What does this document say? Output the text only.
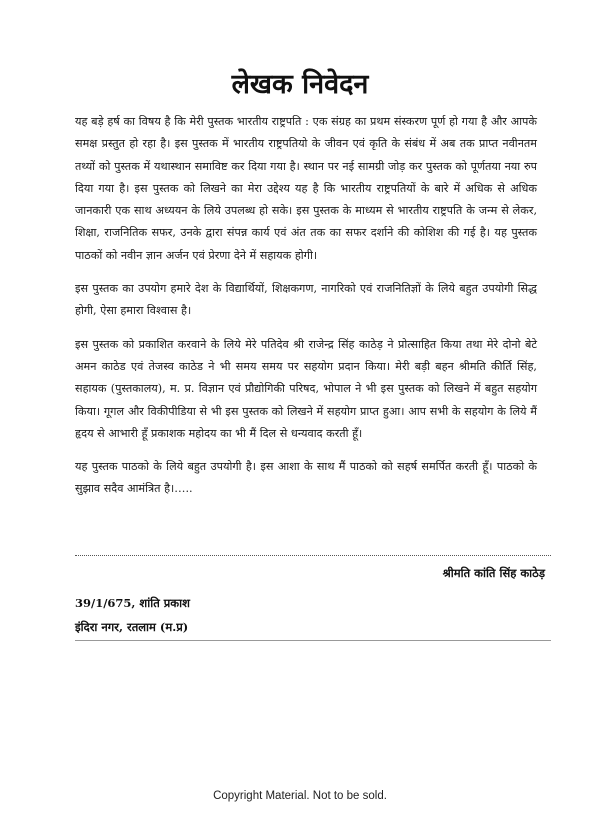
लेखक निवेदन

यह बड़े हर्ष का विषय है कि मेरी पुस्तक भारतीय राष्ट्रपति : एक संग्रह का प्रथम संस्करण पूर्ण हो गया है और आपके समक्ष प्रस्तुत हो रहा है। इस पुस्तक में भारतीय राष्ट्रपतियो के जीवन एवं कृति के संबंध में अब तक प्राप्त नवीनतम तथ्यों को पुस्तक में यथास्थान समाविष्ट कर दिया गया है। स्थान पर नई सामग्री जोड़ कर पुस्तक को पूर्णतया नया रुप दिया गया है। इस पुस्तक को लिखने का मेरा उद्देश्य यह है कि भारतीय राष्ट्रपतियों के बारे में अधिक से अधिक जानकारी एक साथ अध्ययन के लिये उपलब्ध हो सके। इस पुस्तक के माध्यम से भारतीय राष्ट्रपति के जन्म से लेकर, शिक्षा, राजनितिक सफर, उनके द्वारा संपन्न कार्य एवं अंत तक का सफर दर्शाने की कोशिश की गई है। यह पुस्तक पाठकों को नवीन ज्ञान अर्जन एवं प्रेरणा देने में सहायक होगी।

इस पुस्तक का उपयोग हमारे देश के विद्यार्थियों, शिक्षकगण, नागरिको एवं राजनितिज्ञों के लिये बहुत उपयोगी सिद्ध होगी, ऐसा हमारा विश्वास है।

इस पुस्तक को प्रकाशित करवाने के लिये मेरे पतिदेव श्री राजेन्द्र सिंह काठेड़ ने प्रोत्साहित किया तथा मेरे दोनो बेटे अमन काठेड एवं तेजस्व काठेड ने भी समय समय पर सहयोग प्रदान किया। मेरी बड़ी बहन श्रीमति कीर्ति सिंह, सहायक (पुस्तकालय), म. प्र. विज्ञान एवं प्रौद्योगिकी परिषद, भोपाल ने भी इस पुस्तक को लिखने में बहुत सहयोग किया। गूगल और विकीपीडिया से भी इस पुस्तक को लिखने में सहयोग प्राप्त हुआ। आप सभी के सहयोग के लिये मैं हृदय से आभारी हूँ प्रकाशक महोदय का भी मैं दिल से धन्यवाद करती हूँ।

यह पुस्तक पाठको के लिये बहुत उपयोगी है। इस आशा के साथ मैं पाठको को सहर्ष समर्पित करती हूँ। पाठको के सुझाव सदैव आमंत्रित है।…..

श्रीमति कांति सिंह काठेड़
39/1/675, शांति प्रकाश
इंदिरा नगर, रतलाम (म.प्र)
Copyright Material. Not to be sold.
